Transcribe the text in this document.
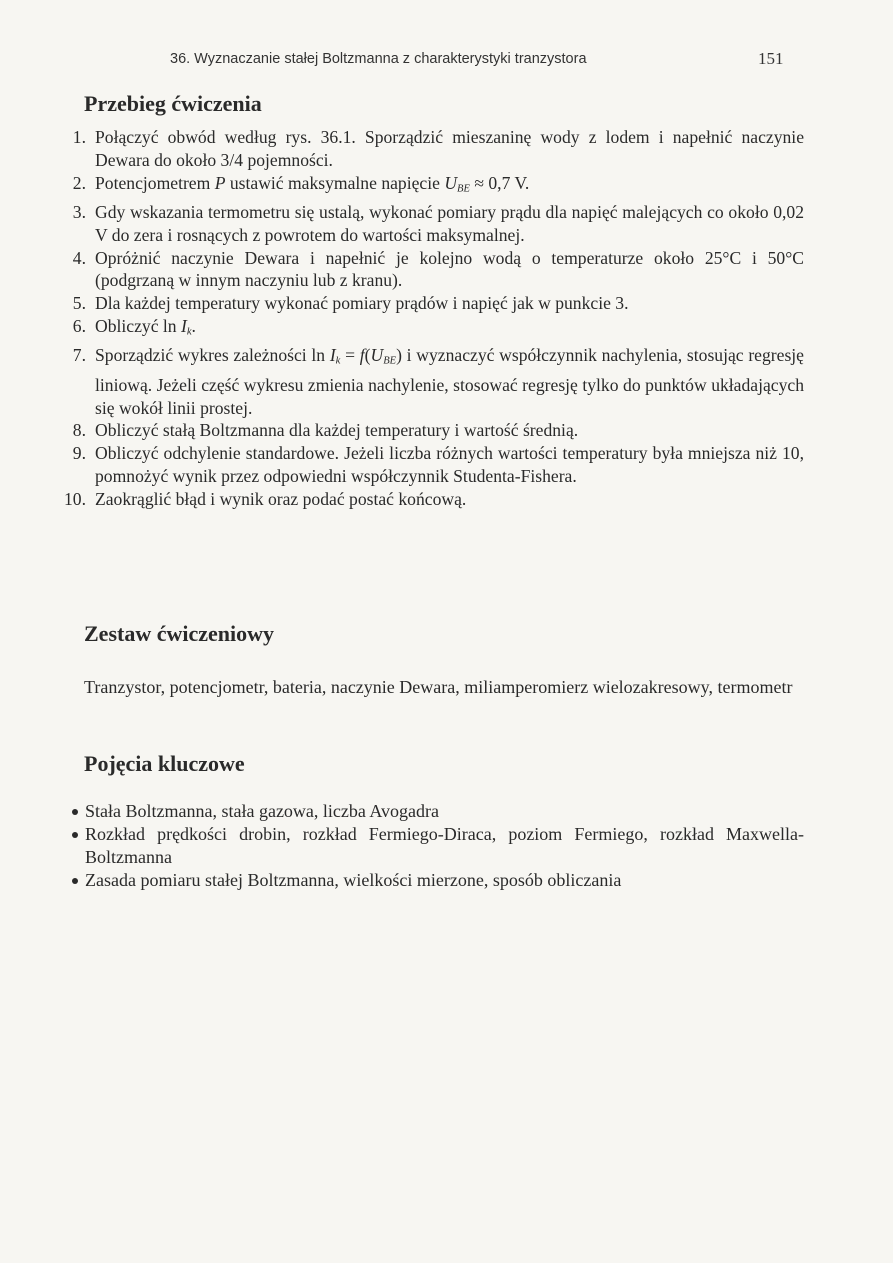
36. Wyznaczanie stałej Boltzmanna z charakterystyki tranzystora	151
Przebieg ćwiczenia
1. Połączyć obwód według rys. 36.1. Sporządzić mieszaninę wody z lodem i napełnić naczynie Dewara do około 3/4 pojemności.
2. Potencjometrem P ustawić maksymalne napięcie $U_{BE} \approx 0,7$ V.
3. Gdy wskazania termometru się ustalą, wykonać pomiary prądu dla napięć malejących co około 0,02 V do zera i rosnących z powrotem do wartości maksymalnej.
4. Opróżnić naczynie Dewara i napełnić je kolejno wodą o temperaturze około 25°C i 50°C (podgrzaną w innym naczyniu lub z kranu).
5. Dla każdej temperatury wykonać pomiary prądów i napięć jak w punkcie 3.
6. Obliczyć $\ln I_k$.
7. Sporządzić wykres zależności $\ln I_k = f(U_{BE})$ i wyznaczyć współczynnik nachylenia, stosując regresję liniową. Jeżeli część wykresu zmienia nachylenie, stosować regresję tylko do punktów układających się wokół linii prostej.
8. Obliczyć stałą Boltzmanna dla każdej temperatury i wartość średnią.
9. Obliczyć odchylenie standardowe. Jeżeli liczba różnych wartości temperatury była mniejsza niż 10, pomnożyć wynik przez odpowiedni współczynnik Studenta-Fishera.
10. Zaokrąglić błąd i wynik oraz podać postać końcową.
Zestaw ćwiczeniowy

Tranzystor, potencjometr, bateria, naczynie Dewara, miliamperomierz wielozakresowy, termometr

Pojęcia kluczowe
Stała Boltzmanna, stała gazowa, liczba Avogadra
Rozkład prędkości drobin, rozkład Fermiego-Diraca, poziom Fermiego, rozkład Maxwella-Boltzmanna
Zasada pomiaru stałej Boltzmanna, wielkości mierzone, sposób obliczania
